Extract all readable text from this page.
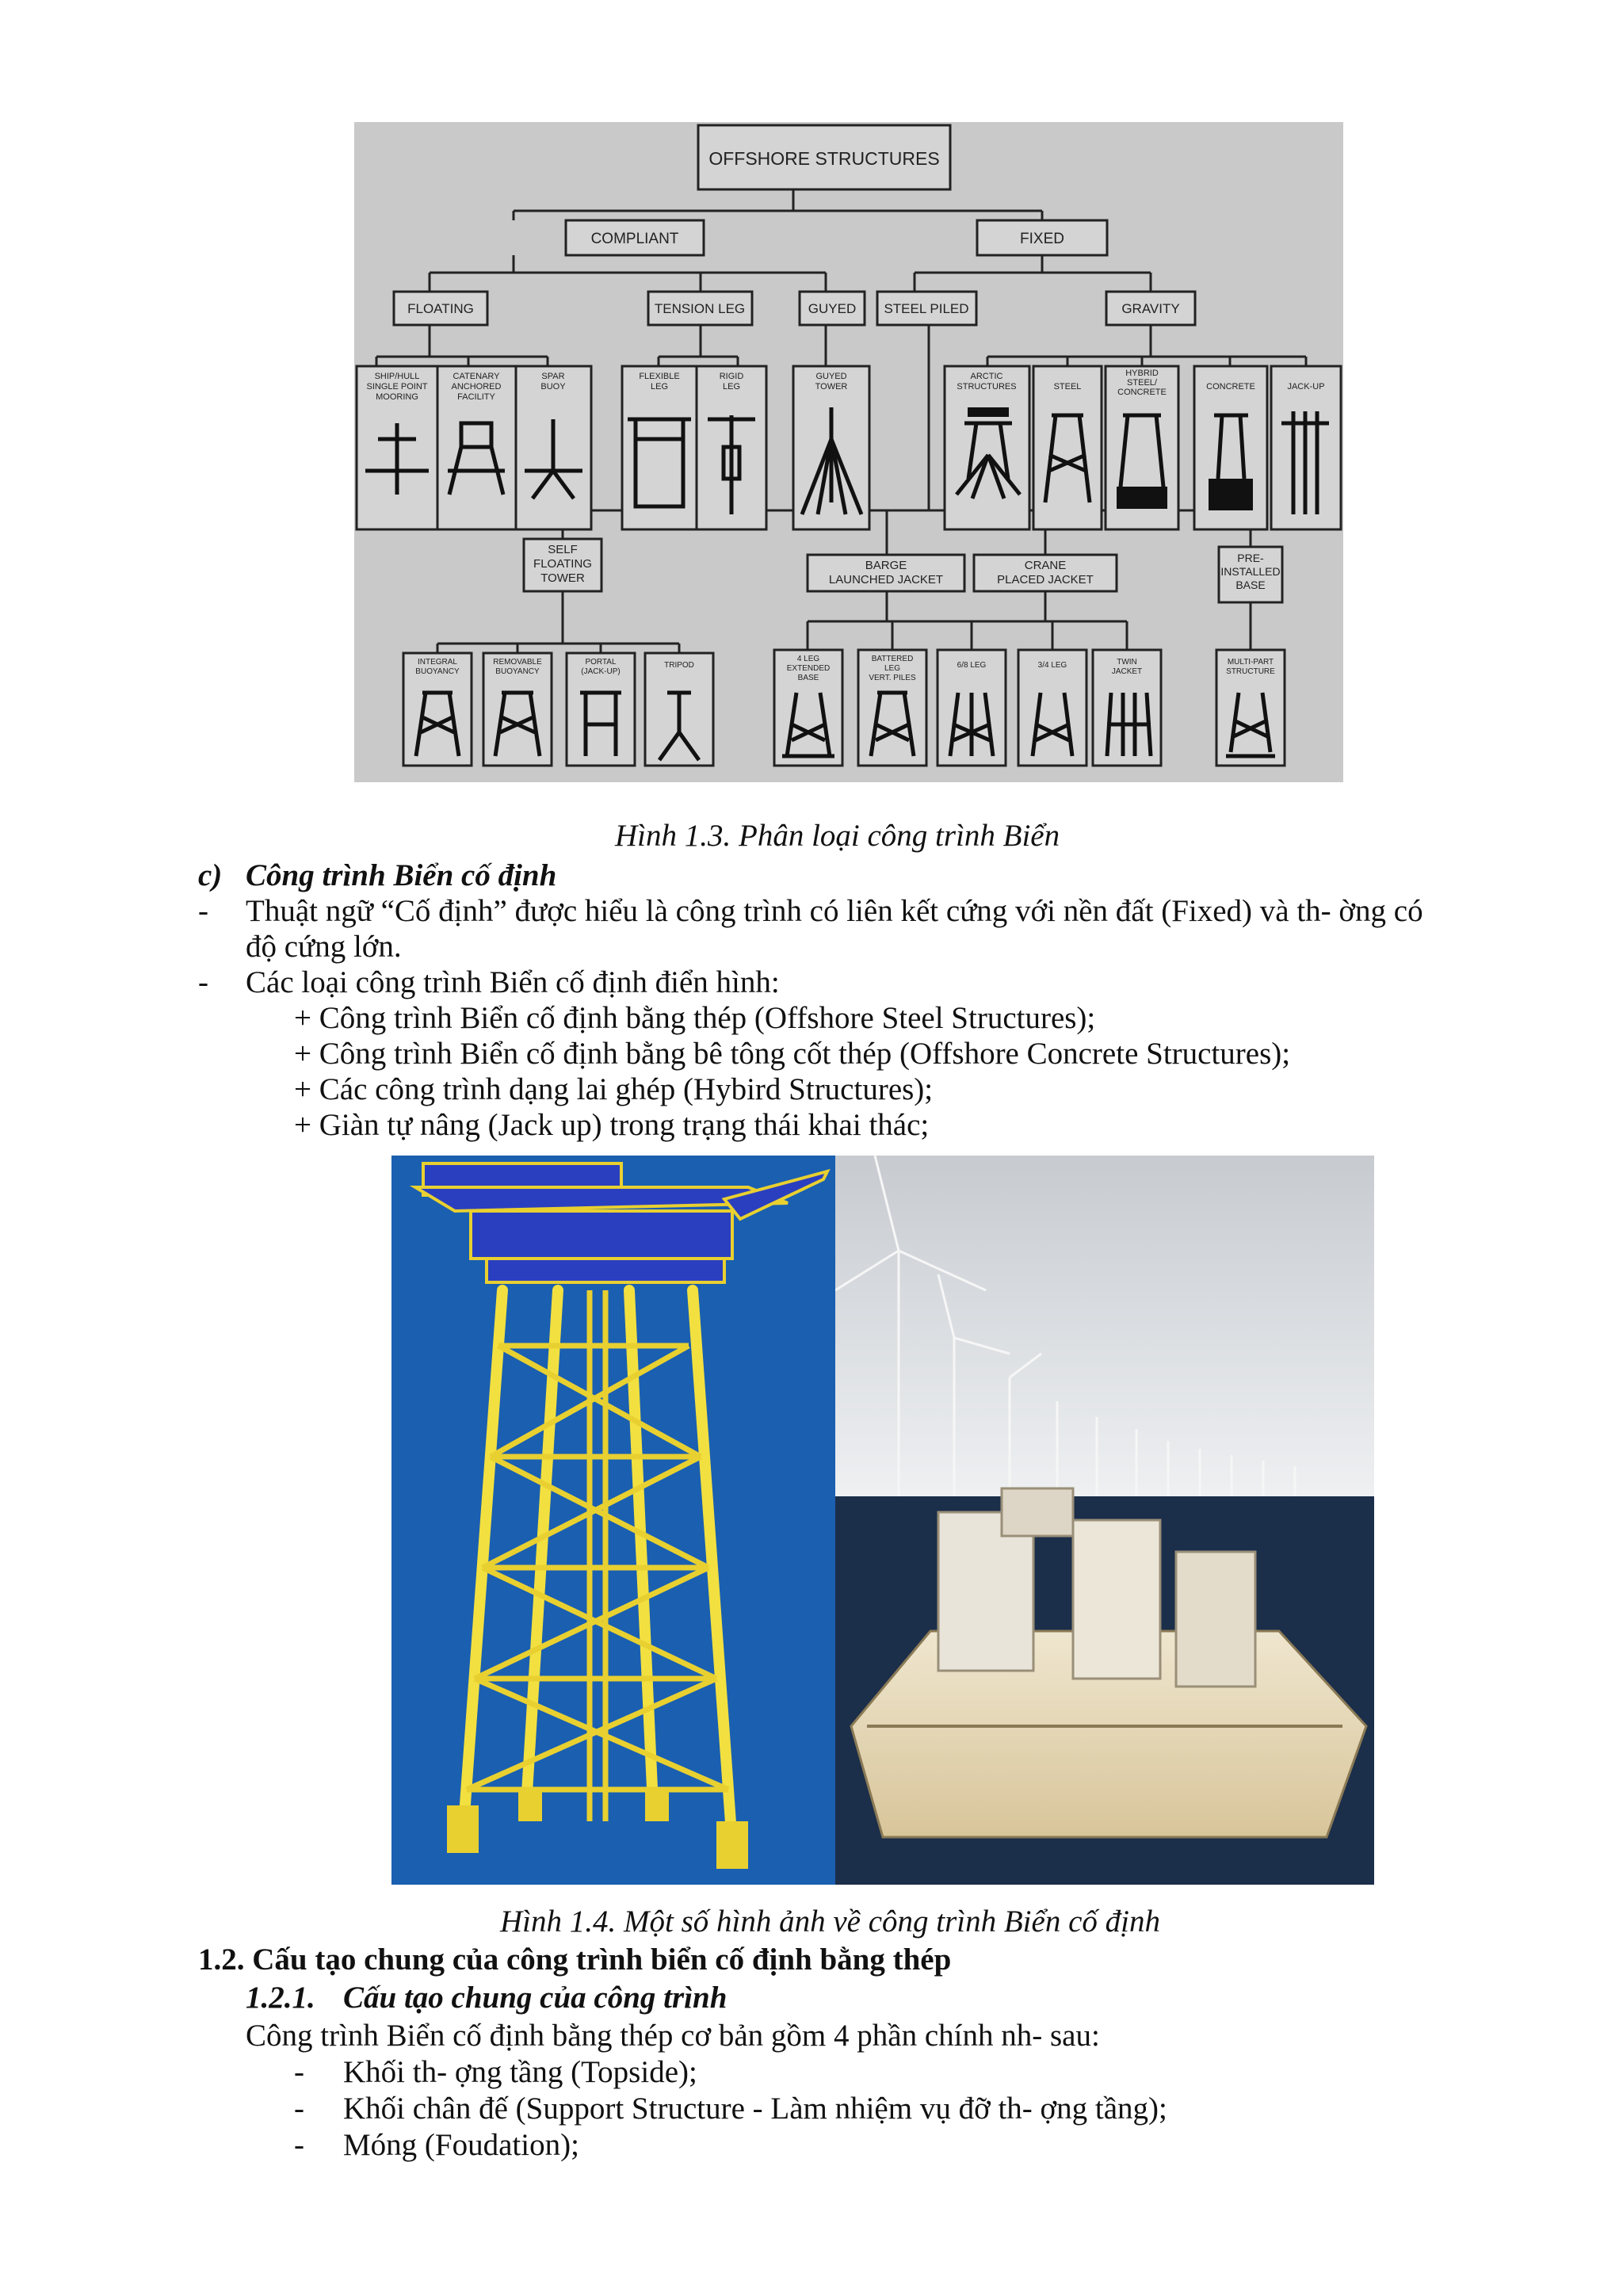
OFFSHORE STRUCTURES
COMPLIANT	FIXED
FLOATING	TENSION LEG	GUYED STEEL PILED	GRAVITY
SHIP/HULL
SINGLE POINT
MOORING
CATENARY
ANCHORED
FACILITY
SPAR
BUOY
FLEXIBLE
LEG
RIGID
LEG
GUYED
TOWER
ARCTIC
STRUCTURES	STEEL
HYBRID
STEEL/
CONCRETE
CONCRETE	JACK-UP
SELF
FLOATING
TOWER
BARGE
LAUNCHED JACKET
CRANE
PLACED JACKET
PRE-
INSTALLED
BASE
INTEGRAL
BUOYANCY
REMOVABLE
BUOYANCY
PORTAL
(JACK-UP)
TRIPOD
4 LEG
EXTENDED
BASE
BATTERED
LEG
VERT. PILES
6/8 LEG	3/4 LEG	TWIN
JACKET
MULTI-PART
STRUCTURE
Hình 1.3. Phân loại công trình Biển
c) Công trình Biển cố định
- Thuật ngữ “Cố định” được hiểu là công trình có liên kết cứng với nền đất (Fixed) và th- ờng có
độ cứng lớn.
- Các loại công trình Biển cố định điển hình:
+ Công trình Biển cố định bằng thép (Offshore Steel Structures);
+ Công trình Biển cố định bằng bê tông cốt thép (Offshore Concrete Structures);
+ Các công trình dạng lai ghép (Hybird Structures);
+ Giàn tự nâng (Jack up) trong trạng thái khai thác;
Hình 1.4. Một số hình ảnh về công trình Biển cố định
1.2. Cấu tạo chung của công trình biển cố định bằng thép
1.2.1. Cấu tạo chung của công trình
Công trình Biển cố định bằng thép cơ bản gồm 4 phần chính nh- sau:
- Khối th- ợng tầng (Topside);
- Khối chân đế (Support Structure - Làm nhiệm vụ đỡ th- ợng tầng);
- Móng (Foudation);
